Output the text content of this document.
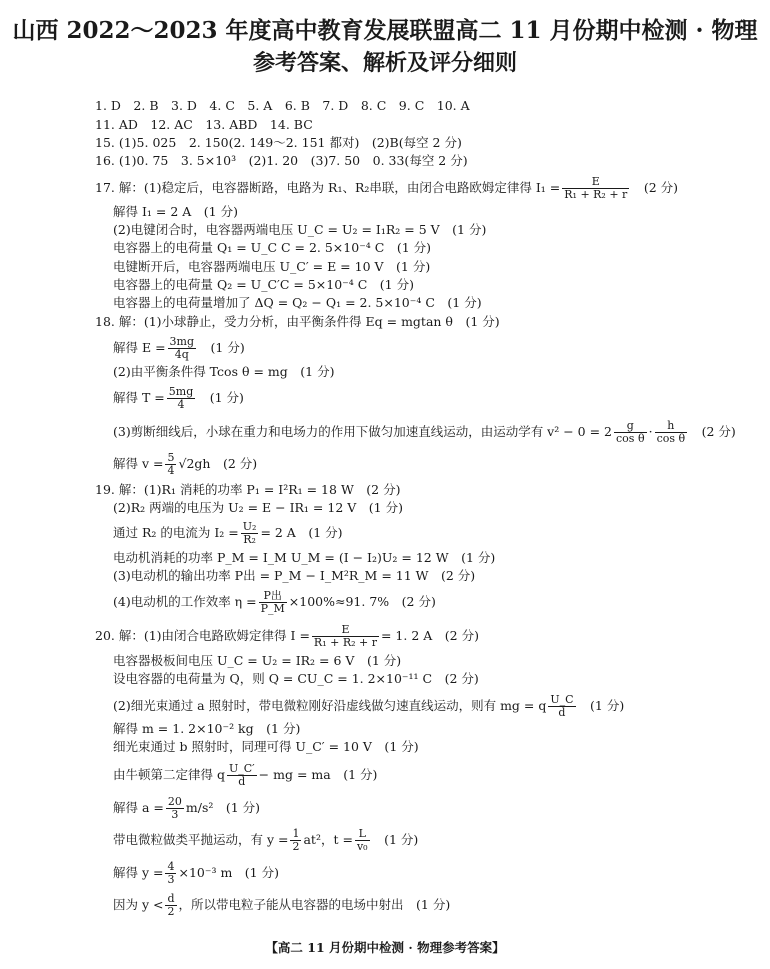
山西 2022～2023 年度高中教育发展联盟高二 11 月份期中检测 · 物理
参考答案、解析及评分细则
1. D　2. B　3. D　4. C　5. A　6. B　7. D　8. C　9. C　10. A
11. AD　12. AC　13. ABD　14. BC
15. (1)5. 025　2. 150(2. 149～2. 151 都对)　(2)B(每空 2 分)
16. (1)0. 75　3. 5×10³　(2)1. 20　(3)7. 50　0. 33(每空 2 分)
17. 解：(1)稳定后，电容器断路，电路为 R₁、R₂串联，由闭合电路欧姆定律得 $I_1 = \frac{E}{\text{R₁ + R₂ + r}}$ 　(2 分)
解得 I₁ = 2 A　(1 分)
(2)电键闭合时，电容器两端电压 U_C = U₂ = I₁R₂ = 5 V　(1 分)
电容器上的电荷量 Q₁ = U_C C = 2. 5×10⁻⁴ C　(1 分)
电键断开后，电容器两端电压 U_C′ = E = 10 V　(1 分)
电容器上的电荷量 Q₂ = U_C′C = 5×10⁻⁴ C　(1 分)
电容器上的电荷量增加了 ΔQ = Q₂ − Q₁ = 2. 5×10⁻⁴ C　(1 分)
18. 解：(1)小球静止，受力分析，由平衡条件得 Eq = mgtan θ　(1 分)
解得 $E = \frac{3mg}{4q}$ 　(1 分)
(2)由平衡条件得 Tcos θ = mg　(1 分)
解得 $T = \frac{5mg}{4}$ 　(1 分)
(3)剪断细线后，小球在重力和电场力的作用下做匀加速直线运动，由运动学有 $v^2 - 0 = 2 \frac{g}{\text{cos θ}} \cdot \frac{h}{\text{cos θ}}$ 　(2 分)
解得 $v = \frac{5}{4} √2gh$　(2 分)
19. 解：(1)R₁ 消耗的功率 P₁ = I²R₁ = 18 W　(2 分)
(2)R₂ 两端的电压为 U₂ = E − IR₁ = 12 V　(1 分)
通过 R₂ 的电流为 $I_2 = \frac{\text{U₂}}{\text{R₂}} = 2$ A　(1 分)
电动机消耗的功率 P_M = I_M U_M = (I − I₂)U₂ = 12 W　(1 分)
(3)电动机的输出功率 P出 = P_M − I_M²R_M = 11 W　(2 分)
(4)电动机的工作效率 $\eta = \frac{\text{P出}}{P\_M} \times 100\%\approx 91$. 7%　(2 分)
20. 解：(1)由闭合电路欧姆定律得 $I = \frac{E}{\text{R₁ + R₂ + r}} = 1$. 2 A　(2 分)
电容器极板间电压 U_C = U₂ = IR₂ = 6 V　(1 分)
设电容器的电荷量为 Q，则 Q = CU_C = 1. 2×10⁻¹¹ C　(2 分)
(2)细光束通过 a 照射时，带电微粒刚好沿虚线做匀速直线运动，则有 mg = q $\frac{U\_C}{d}$ 　(1 分)
解得 m = 1. 2×10⁻² kg　(1 分)
细光束通过 b 照射时，同理可得 U_C′ = 10 V　(1 分)
由牛顿第二定律得 q $\frac{U\_C'}{d}$ − mg = ma　(1 分)
解得 $a = \frac{20}{3} m/s^2$　(1 分)
带电微粒做类平抛运动，有 $y = \frac{1}{2} at^2$，$t = \frac{L}{\text{v₀}}$ 　(1 分)
解得 $y = \frac{4}{3} \times 10^{-3}$ m　(1 分)
因为 $y < \frac{d}{2}$ ，所以带电粒子能从电容器的电场中射出　(1 分)
【高二 11 月份期中检测 · 物理参考答案】
